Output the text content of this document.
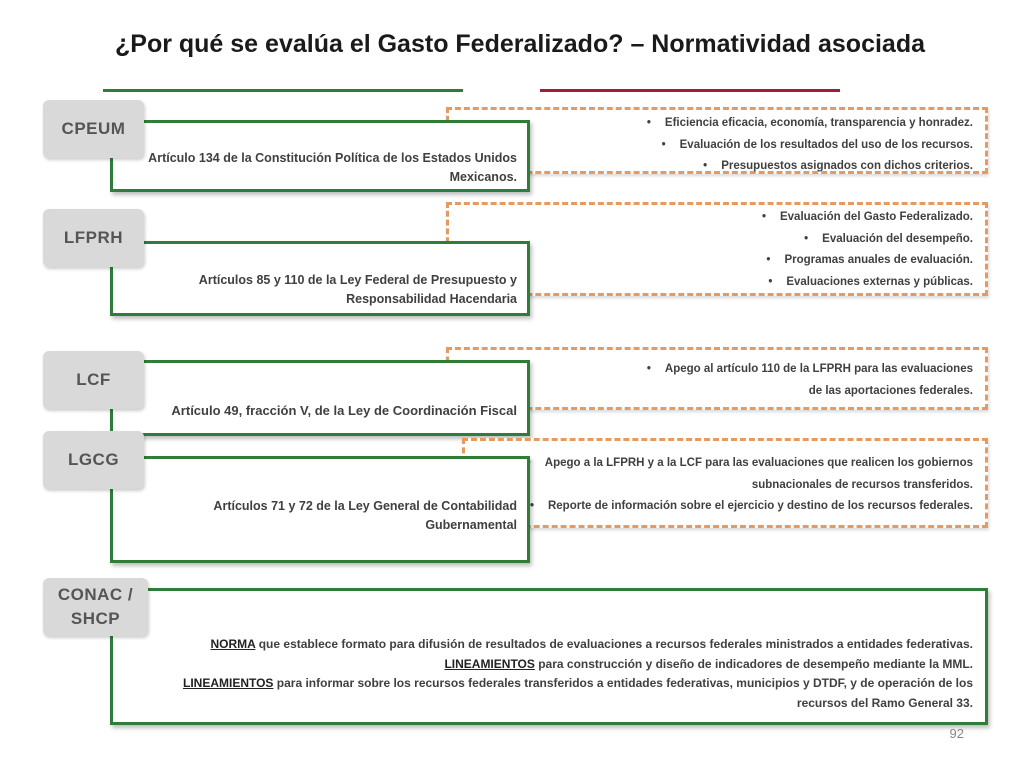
¿Por qué se evalúa el Gasto Federalizado? – Normatividad asociada
• Eficiencia eficacia, economía, transparencia y honradez.
• Evaluación de los resultados del uso de los recursos.
• Presupuestos asignados con dichos criterios.
Artículo 134 de la Constitución Política de los Estados Unidos
Mexicanos.
CPEUM
• Evaluación del Gasto Federalizado.
• Evaluación del desempeño.
• Programas anuales de evaluación.
• Evaluaciones externas y públicas.
Artículos 85 y 110 de la Ley Federal de Presupuesto y
Responsabilidad Hacendaria
LFPRH
• Apego al artículo 110 de la LFPRH para las evaluaciones
de las aportaciones federales.
Artículo 49, fracción V, de la Ley de Coordinación Fiscal
LCF
• Apego a la LFPRH y a la LCF para las evaluaciones que realicen los gobiernos
subnacionales de recursos transferidos.
• Reporte de información sobre el ejercicio y destino de los recursos federales.
Artículos 71 y 72 de la Ley General de Contabilidad
Gubernamental
LGCG
NORMA que establece formato para difusión de resultados de evaluaciones a recursos federales ministrados a entidades federativas.
LINEAMIENTOS para construcción y diseño de indicadores de desempeño mediante la MML.
LINEAMIENTOS para informar sobre los recursos federales transferidos a entidades federativas, municipios y DTDF, y de operación de los
recursos del Ramo General 33.
CONAC /
SHCP
92
